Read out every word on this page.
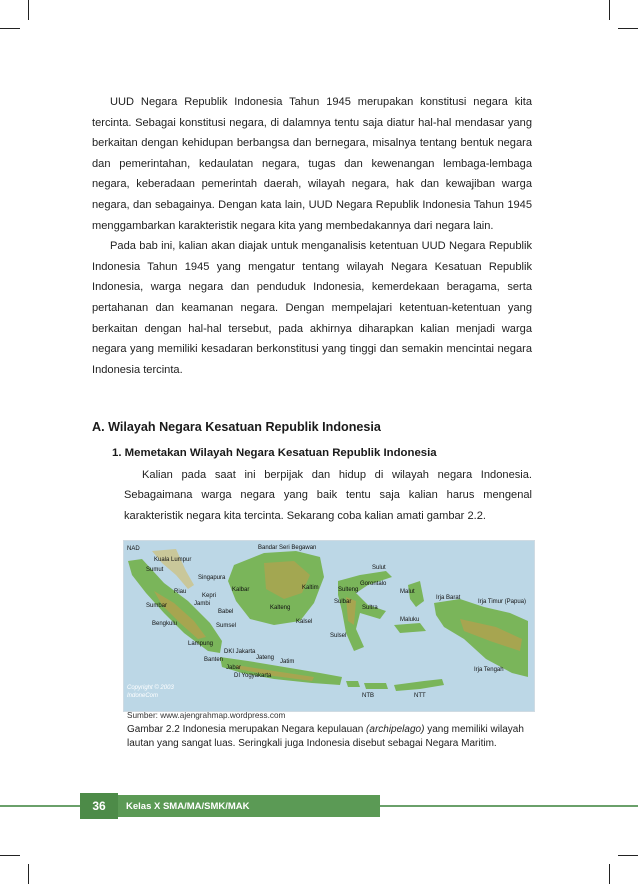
UUD Negara Republik Indonesia Tahun 1945 merupakan konstitusi negara kita tercinta. Sebagai konstitusi negara, di dalamnya tentu saja diatur hal-hal mendasar yang berkaitan dengan kehidupan berbangsa dan bernegara, misalnya tentang bentuk negara dan pemerintahan, kedaulatan negara, tugas dan kewenangan lembaga-lembaga negara, keberadaan pemerintah daerah, wilayah negara, hak dan kewajiban warga negara, dan sebagainya. Dengan kata lain, UUD Negara Republik Indonesia Tahun 1945 menggambarkan karakteristik negara kita yang membedakannya dari negara lain.

Pada bab ini, kalian akan diajak untuk menganalisis ketentuan UUD Negara Republik Indonesia Tahun 1945 yang mengatur tentang wilayah Negara Kesatuan Republik Indonesia, warga negara dan penduduk Indonesia, kemerdekaan beragama, serta pertahanan dan keamanan negara. Dengan mempelajari ketentuan-ketentuan yang berkaitan dengan hal-hal tersebut, pada akhirnya diharapkan kalian menjadi warga negara yang memiliki kesadaran berkonstitusi yang tinggi dan semakin mencintai negara Indonesia tercinta.

A. Wilayah Negara Kesatuan Republik Indonesia
1. Memetakan Wilayah Negara Kesatuan Republik Indonesia

Kalian pada saat ini berpijak dan hidup di wilayah negara Indonesia. Sebagaimana warga negara yang baik tentu saja kalian harus mengenal karakteristik negara kita tercinta. Sekarang coba kalian amati gambar 2.2.

NAD
Kuala Lumpur
Sumut
Singapura
Riau
Kepri
Jambi
Sumbar
Bengkulu
Babel
Sumsel
Lampung
Banten
DKI Jakarta
Jabar
Jateng
Jatim
DI Yogyakarta
Kalbar
Kalteng
Kalsel
Kaltim
Bandar Seri Begawan
Sulut
Sulteng
Gorontalo
Sulbar
Sulsel
Sultra
Malut
Maluku
NTB	NTT
Irja Barat
Irja Timur (Papua)
Irja Tengah
Copyright © 2003
IndoneCom
Sumber: www.ajengrahmap.wordpress.com
Gambar 2.2 Indonesia merupakan Negara kepulauan (archipelago) yang memiliki wilayah lautan yang sangat luas. Seringkali juga Indonesia disebut sebagai Negara Maritim.
36	Kelas X SMA/MA/SMK/MAK
